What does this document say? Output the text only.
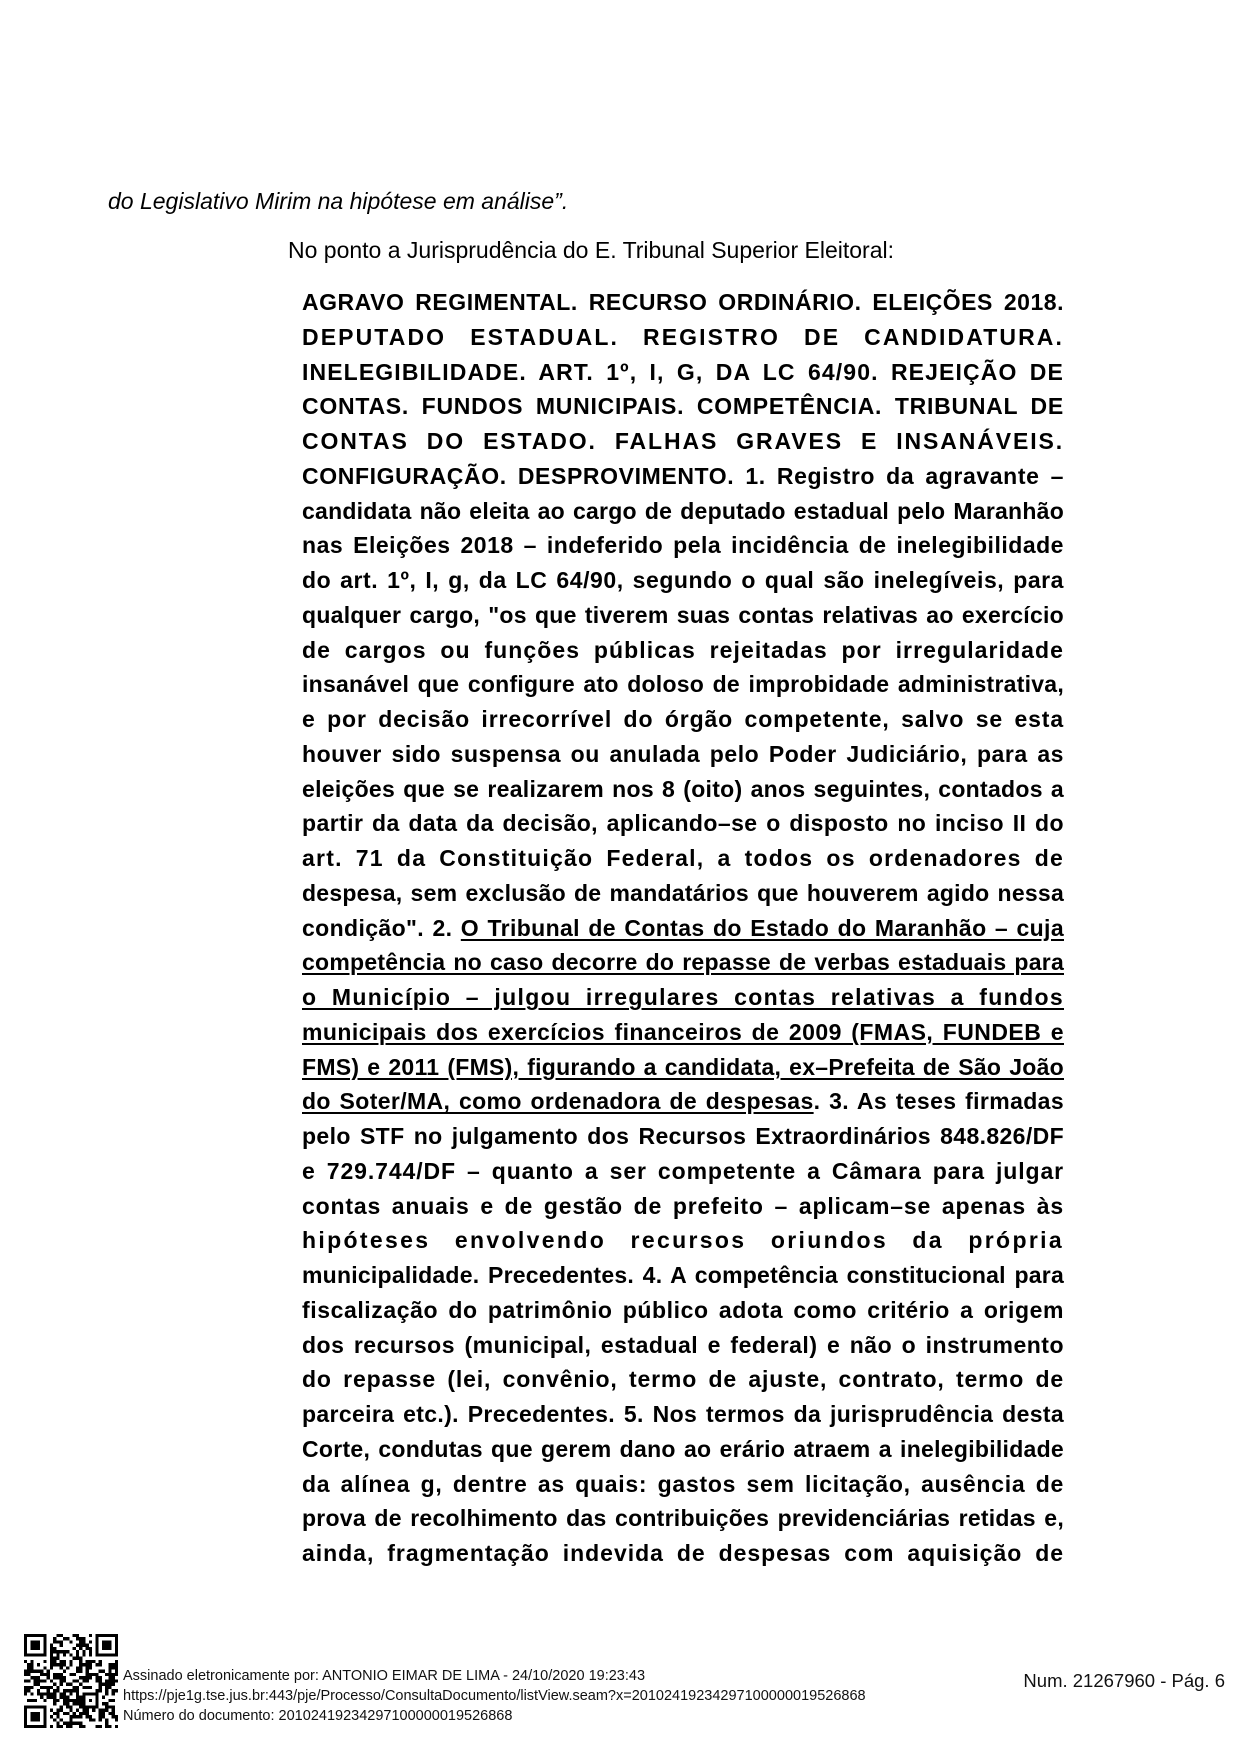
do Legislativo Mirim na hipótese em análise”.
No ponto a Jurisprudência do E. Tribunal Superior Eleitoral:
AGRAVO REGIMENTAL. RECURSO ORDINÁRIO. ELEIÇÕES 2018.
DEPUTADO ESTADUAL. REGISTRO DE CANDIDATURA.
INELEGIBILIDADE. ART. 1º, I, G, DA LC 64/90. REJEIÇÃO DE
CONTAS. FUNDOS MUNICIPAIS. COMPETÊNCIA. TRIBUNAL DE
CONTAS DO ESTADO. FALHAS GRAVES E INSANÁVEIS.
CONFIGURAÇÃO. DESPROVIMENTO. 1. Registro da agravante –
candidata não eleita ao cargo de deputado estadual pelo Maranhão
nas Eleições 2018 – indeferido pela incidência de inelegibilidade
do art. 1º, I, g, da LC 64/90, segundo o qual são inelegíveis, para
qualquer cargo, "os que tiverem suas contas relativas ao exercício
de cargos ou funções públicas rejeitadas por irregularidade
insanável que configure ato doloso de improbidade administrativa,
e por decisão irrecorrível do órgão competente, salvo se esta
houver sido suspensa ou anulada pelo Poder Judiciário, para as
eleições que se realizarem nos 8 (oito) anos seguintes, contados a
partir da data da decisão, aplicando–se o disposto no inciso II do
art. 71 da Constituição Federal, a todos os ordenadores de
despesa, sem exclusão de mandatários que houverem agido nessa
condição". 2. O Tribunal de Contas do Estado do Maranhão – cuja
competência no caso decorre do repasse de verbas estaduais para
o Município – julgou irregulares contas relativas a fundos
municipais dos exercícios financeiros de 2009 (FMAS, FUNDEB e
FMS) e 2011 (FMS), figurando a candidata, ex–Prefeita de São João
do Soter/MA, como ordenadora de despesas. 3. As teses firmadas
pelo STF no julgamento dos Recursos Extraordinários 848.826/DF
e 729.744/DF – quanto a ser competente a Câmara para julgar
contas anuais e de gestão de prefeito – aplicam–se apenas às
hipóteses envolvendo recursos oriundos da própria
municipalidade. Precedentes. 4. A competência constitucional para
fiscalização do patrimônio público adota como critério a origem
dos recursos (municipal, estadual e federal) e não o instrumento
do repasse (lei, convênio, termo de ajuste, contrato, termo de
parceira etc.). Precedentes. 5. Nos termos da jurisprudência desta
Corte, condutas que gerem dano ao erário atraem a inelegibilidade
da alínea g, dentre as quais: gastos sem licitação, ausência de
prova de recolhimento das contribuições previdenciárias retidas e,
ainda, fragmentação indevida de despesas com aquisição de
Assinado eletronicamente por: ANTONIO EIMAR DE LIMA - 24/10/2020 19:23:43
https://pje1g.tse.jus.br:443/pje/Processo/ConsultaDocumento/listView.seam?x=20102419234297100000019526868
Número do documento: 20102419234297100000019526868
Num. 21267960 - Pág. 6
